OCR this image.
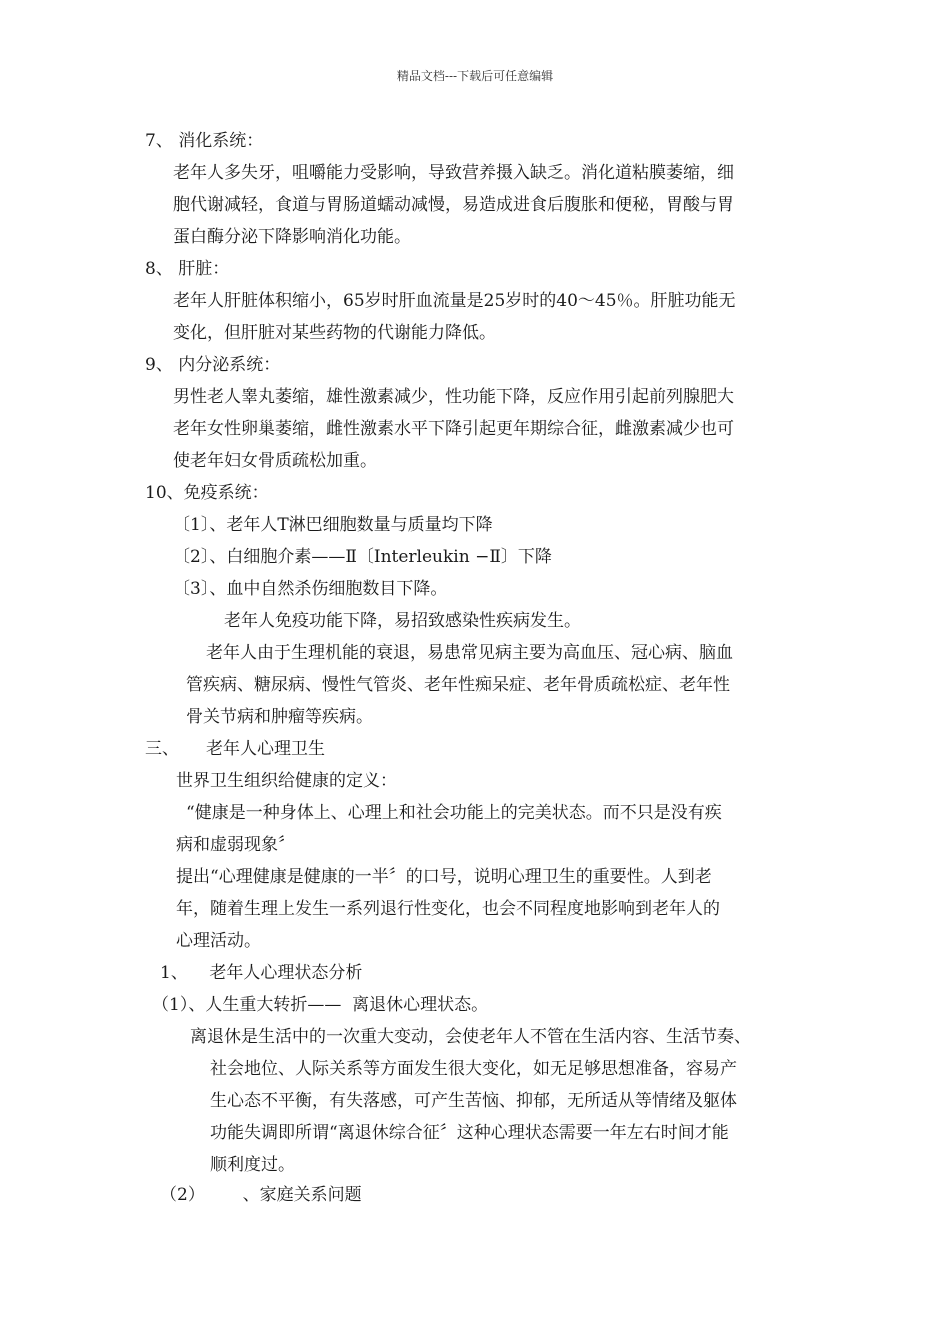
精品文档---下载后可任意编辑
7、 消化系统：
老年人多失牙，咀嚼能力受影响，导致营养摄入缺乏。消化道粘膜萎缩，细
胞代谢减轻，食道与胃肠道蠕动减慢，易造成进食后腹胀和便秘，胃酸与胃
蛋白酶分泌下降影响消化功能。
8、 肝脏：
老年人肝脏体积缩小，65岁时肝血流量是25岁时的40～45％。肝脏功能无
变化，但肝脏对某些药物的代谢能力降低。
9、 内分泌系统：
男性老人睾丸萎缩，雄性激素减少，性功能下降，反应作用引起前列腺肥大
老年女性卵巢萎缩，雌性激素水平下降引起更年期综合征，雌激素减少也可
使老年妇女骨质疏松加重。
10、免疫系统：
〔1〕、老年人T淋巴细胞数量与质量均下降
〔2〕、白细胞介素——Ⅱ〔Interleukin −Ⅱ〕下降
〔3〕、血中自然杀伤细胞数目下降。
老年人免疫功能下降，易招致感染性疾病发生。
老年人由于生理机能的衰退，易患常见病主要为高血压、冠心病、脑血
管疾病、糖尿病、慢性气管炎、老年性痴呆症、老年骨质疏松症、老年性
骨关节病和肿瘤等疾病。
三、     老年人心理卫生
世界卫生组织给健康的定义：
“健康是一种身体上、心理上和社会功能上的完美状态。而不只是没有疾
病和虚弱现象〞
提出“心理健康是健康的一半〞的口号，说明心理卫生的重要性。人到老
年，随着生理上发生一系列退行性变化，也会不同程度地影响到老年人的
心理活动。
1、    老年人心理状态分析
（1）、人生重大转折——  离退休心理状态。
离退休是生活中的一次重大变动，会使老年人不管在生活内容、生活节奏、
社会地位、人际关系等方面发生很大变化，如无足够思想准备，容易产
生心态不平衡，有失落感，可产生苦恼、抑郁，无所适从等情绪及躯体
功能失调即所谓“离退休综合征〞这种心理状态需要一年左右时间才能
顺利度过。
（2）       、家庭关系问题
